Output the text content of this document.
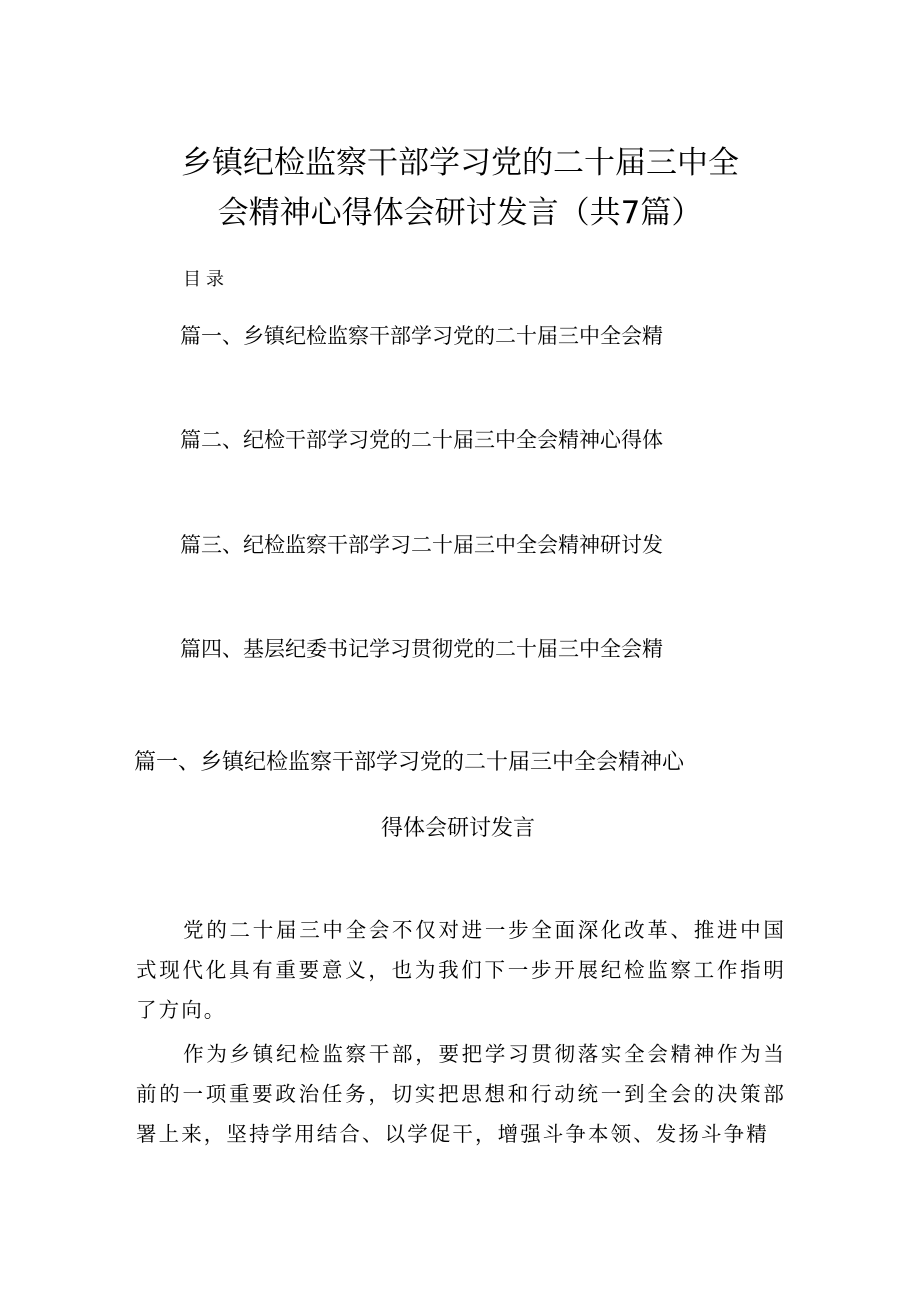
乡镇纪检监察干部学习党的二十届三中全
会精神心得体会研讨发言（共7篇）
目录
篇一、乡镇纪检监察干部学习党的二十届三中全会精
篇二、纪检干部学习党的二十届三中全会精神心得体
篇三、纪检监察干部学习二十届三中全会精神研讨发
篇四、基层纪委书记学习贯彻党的二十届三中全会精
篇一、乡镇纪检监察干部学习党的二十届三中全会精神心
得体会研讨发言

党的二十届三中全会不仅对进一步全面深化改革、推进中国式现代化具有重要意义，也为我们下一步开展纪检监察工作指明了方向。

作为乡镇纪检监察干部，要把学习贯彻落实全会精神作为当前的一项重要政治任务，切实把思想和行动统一到全会的决策部署上来，坚持学用结合、以学促干，增强斗争本领、发扬斗争精
